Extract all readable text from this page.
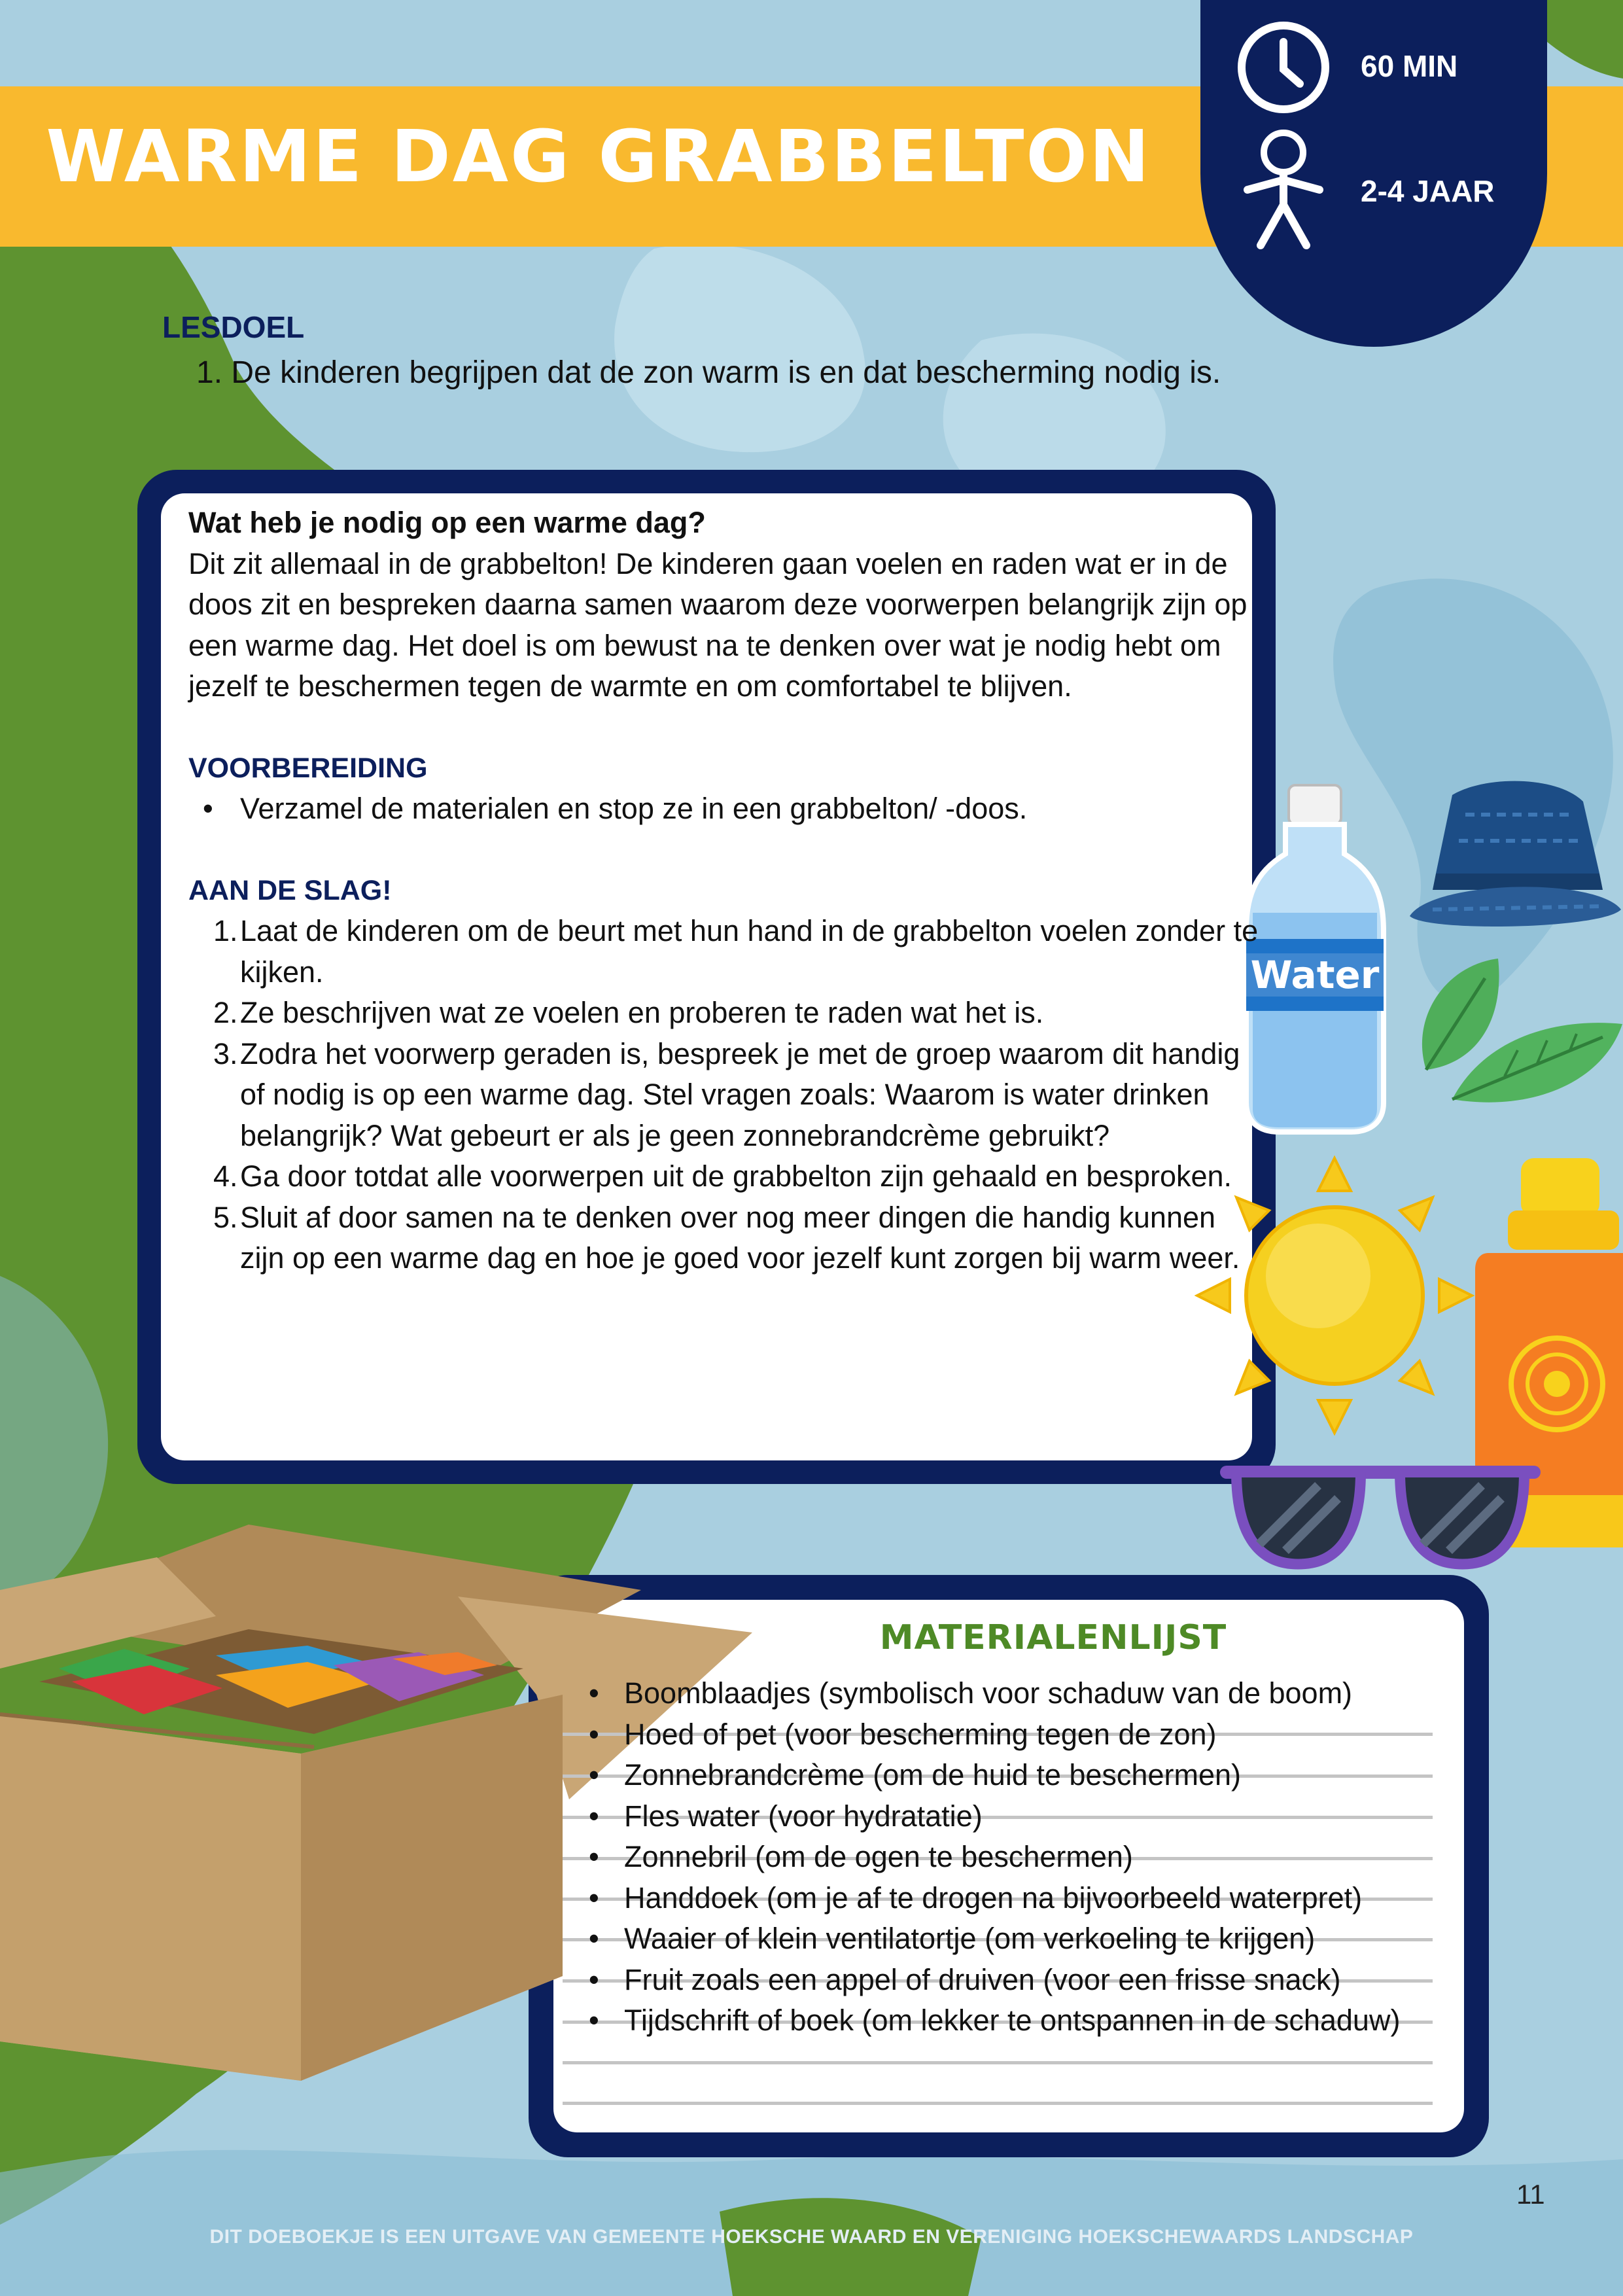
WARME DAG GRABBELTON
60 MIN
2-4 JAAR
LESDOEL
1. De kinderen begrijpen dat de zon warm is en dat bescherming nodig is.

Wat heb je nodig op een warme dag?

Dit zit allemaal in de grabbelton! De kinderen gaan voelen en raden wat er in de doos zit en bespreken daarna samen waarom deze voorwerpen belangrijk zijn op een warme dag. Het doel is om bewust na te denken over wat je nodig hebt om jezelf te beschermen tegen de warmte en om comfortabel te blijven.

VOORBEREIDING

• Verzamel de materialen en stop ze in een grabbelton/ -doos.

AAN DE SLAG!

1. Laat de kinderen om de beurt met hun hand in de grabbelton voelen zonder te kijken.
2. Ze beschrijven wat ze voelen en proberen te raden wat het is.
3. Zodra het voorwerp geraden is, bespreek je met de groep waarom dit handig of nodig is op een warme dag. Stel vragen zoals: Waarom is water drinken belangrijk? Wat gebeurt er als je geen zonnebrandcrème gebruikt?
4. Ga door totdat alle voorwerpen uit de grabbelton zijn gehaald en besproken.
5. Sluit af door samen na te denken over nog meer dingen die handig kunnen zijn op een warme dag en hoe je goed voor jezelf kunt zorgen bij warm weer.
Water
MATERIALENLIJST
• Boomblaadjes (symbolisch voor schaduw van de boom)
• Hoed of pet (voor bescherming tegen de zon)
• Zonnebrandcrème (om de huid te beschermen)
• Fles water (voor hydratatie)
• Zonnebril (om de ogen te beschermen)
• Handdoek (om je af te drogen na bijvoorbeeld waterpret)
• Waaier of klein ventilatortje (om verkoeling te krijgen)
• Fruit zoals een appel of druiven (voor een frisse snack)
• Tijdschrift of boek (om lekker te ontspannen in de schaduw)
11
DIT DOEBOEKJE IS EEN UITGAVE VAN GEMEENTE HOEKSCHE WAARD EN VERENIGING HOEKSCHEWAARDS LANDSCHAP
